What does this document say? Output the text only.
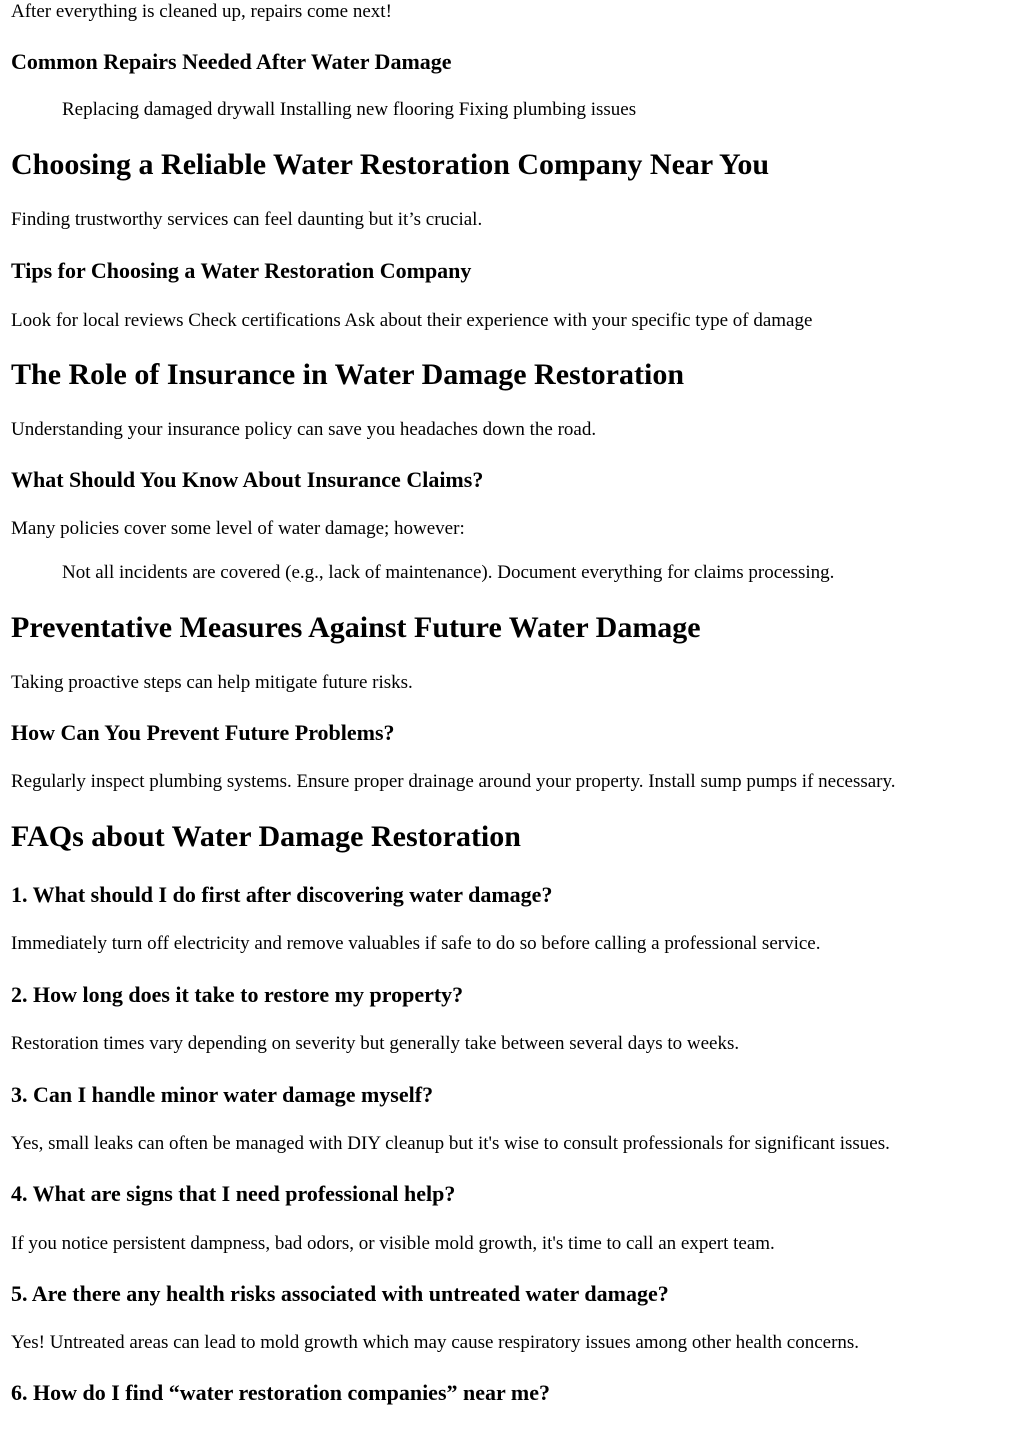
After everything is cleaned up, repairs come next!

Common Repairs Needed After Water Damage

Replacing damaged drywall Installing new flooring Fixing plumbing issues

Choosing a Reliable Water Restoration Company Near You

Finding trustworthy services can feel daunting but it’s crucial.

Tips for Choosing a Water Restoration Company

Look for local reviews Check certifications Ask about their experience with your specific type of damage

The Role of Insurance in Water Damage Restoration

Understanding your insurance policy can save you headaches down the road.

What Should You Know About Insurance Claims?

Many policies cover some level of water damage; however:

Not all incidents are covered (e.g., lack of maintenance). Document everything for claims processing.

Preventative Measures Against Future Water Damage

Taking proactive steps can help mitigate future risks.

How Can You Prevent Future Problems?

Regularly inspect plumbing systems. Ensure proper drainage around your property. Install sump pumps if necessary.

FAQs about Water Damage Restoration
1. What should I do first after discovering water damage?

Immediately turn off electricity and remove valuables if safe to do so before calling a professional service.

2. How long does it take to restore my property?

Restoration times vary depending on severity but generally take between several days to weeks.

3. Can I handle minor water damage myself?

Yes, small leaks can often be managed with DIY cleanup but it's wise to consult professionals for significant issues.

4. What are signs that I need professional help?

If you notice persistent dampness, bad odors, or visible mold growth, it's time to call an expert team.

5. Are there any health risks associated with untreated water damage?

Yes! Untreated areas can lead to mold growth which may cause respiratory issues among other health concerns.

6. How do I find “water restoration companies” near me?
